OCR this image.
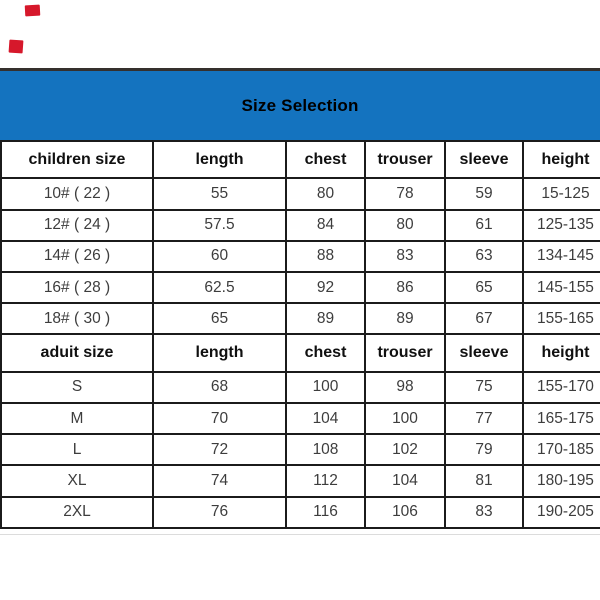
Size Selection
children size	length	chest	trouser	sleeve	height
10# ( 22 )	55	80	78	59	15-125
12# ( 24 )	57.5	84	80	61	125-135
14# ( 26 )	60	88	83	63	134-145
16# ( 28 )	62.5	92	86	65	145-155
18# ( 30 )	65	89	89	67	155-165
aduit size	length	chest	trouser	sleeve	height
S	68	100	98	75	155-170
M	70	104	100	77	165-175
L	72	108	102	79	170-185
XL	74	112	104	81	180-195
2XL	76	116	106	83	190-205
